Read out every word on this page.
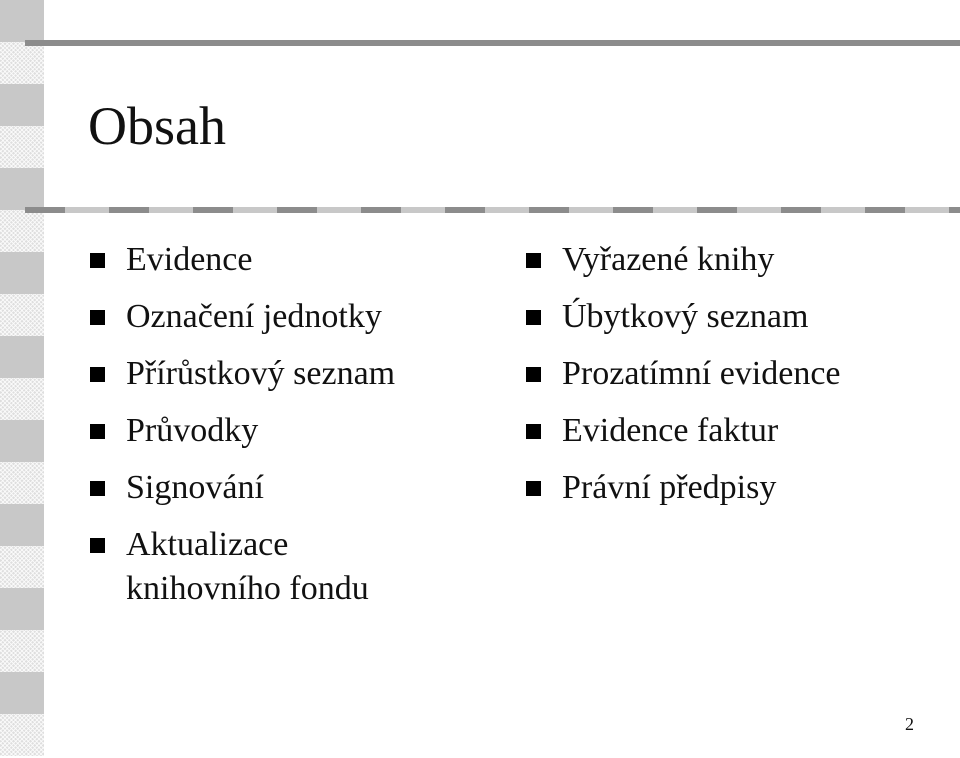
Obsah
Evidence
Označení jednotky
Přírůstkový seznam
Průvodky
Signování
Aktualizace knihovního fondu
Vyřazené knihy
Úbytkový seznam
Prozatímní evidence
Evidence faktur
Právní předpisy
2
